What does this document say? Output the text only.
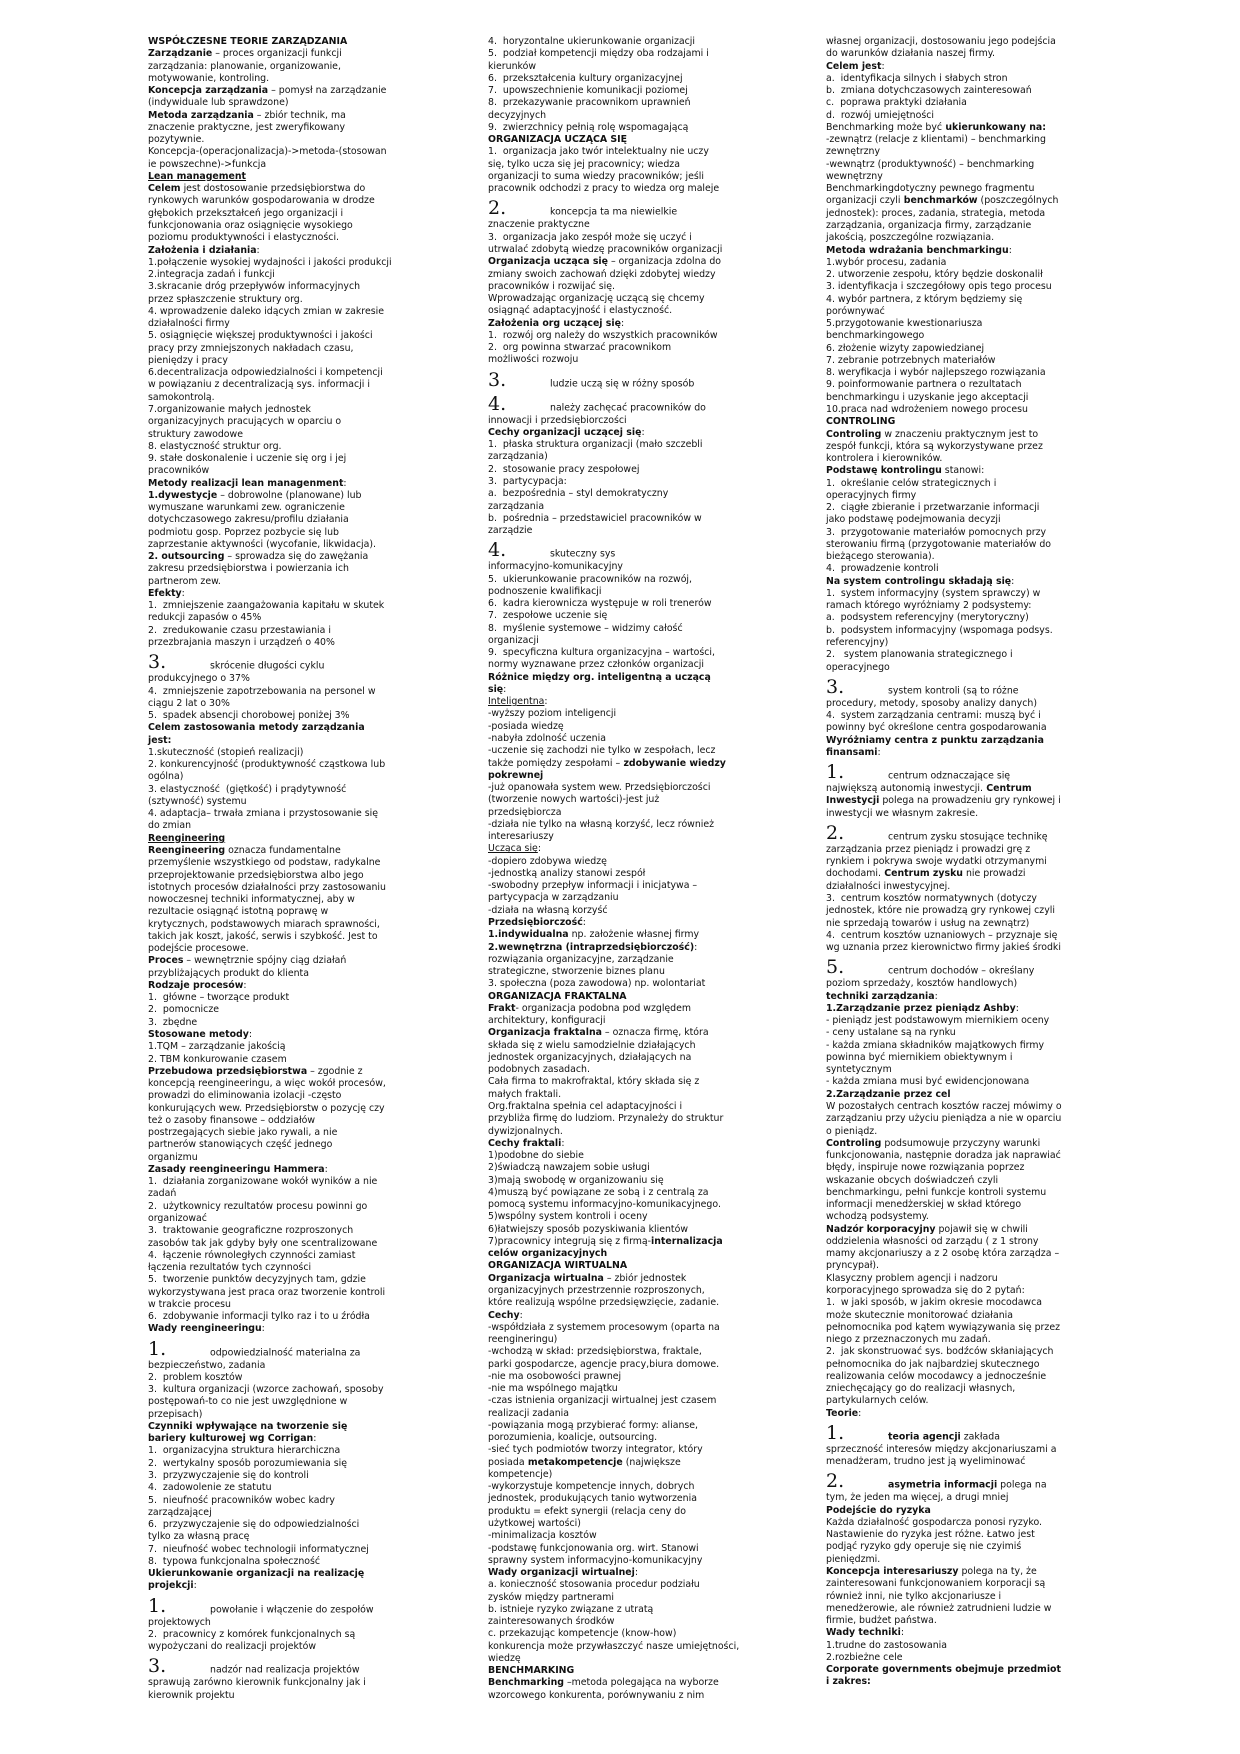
WSPÓŁCZESNE TEORIE ZARZĄDZANIA
Zarządzanie – proces organizacji funkcji
zarządzania: planowanie, organizowanie,
motywowanie, kontroling.
Koncepcja zarządzania – pomysł na zarządzanie
(indywiduale lub sprawdzone)
Metoda zarządzania – zbiór technik, ma
znaczenie praktyczne, jest zweryfikowany
pozytywnie.
Koncepcja-(operacjonalizacja)->metoda-(stosowan
ie powszechne)->funkcja
Lean management
Celem jest dostosowanie przedsiębiorstwa do
rynkowych warunków gospodarowania w drodze
głębokich przekształceń jego organizacji i
funkcjonowania oraz osiągnięcie wysokiego
poziomu produktywności i elastyczności.
Założenia i działania:
1.połączenie wysokiej wydajności i jakości produkcji
2.integracja zadań i funkcji
3.skracanie dróg przepływów informacyjnych
przez spłaszczenie struktury org.
4. wprowadzenie daleko idących zmian w zakresie
działalności firmy
5. osiągnięcie większej produktywności i jakości
pracy przy zmniejszonych nakładach czasu,
pieniędzy i pracy
6.decentralizacja odpowiedzialności i kompetencji
w powiązaniu z decentralizacją sys. informacji i
samokontrolą.
7.organizowanie małych jednostek
organizacyjnych pracujących w oparciu o
struktury zawodowe
8. elastyczność struktur org.
9. stałe doskonalenie i uczenie się org i jej
pracowników
Metody realizacji lean managenment:
1.dywestycje – dobrowolne (planowane) lub
wymuszane warunkami zew. ograniczenie
dotychczasowego zakresu/profilu działania
podmiotu gosp. Poprzez pozbycie się lub
zaprzestanie aktywności (wycofanie, likwidacja).
2. outsourcing – sprowadza się do zawężania
zakresu przedsiębiorstwa i powierzania ich
partnerom zew.
Efekty:
1.  zmniejszenie zaangażowania kapitału w skutek
redukcji zapasów o 45%
2.  zredukowanie czasu przestawiania i
przezbrajania maszyn i urządzeń o 40%
3.	skrócenie długości cyklu
produkcyjnego o 37%
4.  zmniejszenie zapotrzebowania na personel w
ciągu 2 lat o 30%
5.  spadek absencji chorobowej poniżej 3%
Celem zastosowania metody zarządzania
jest:
1.skuteczność (stopień realizacji)
2. konkurencyjność (produktywność cząstkowa lub
ogólna)
3. elastyczność  (giętkość) i prądytywność
(sztywność) systemu
4. adaptacja– trwała zmiana i przystosowanie się
do zmian
Reengineering
Reengineering oznacza fundamentalne
przemyślenie wszystkiego od podstaw, radykalne
przeprojektowanie przedsiębiorstwa albo jego
istotnych procesów działalności przy zastosowaniu
nowoczesnej techniki informatycznej, aby w
rezultacie osiągnąć istotną poprawę w
krytycznych, podstawowych miarach sprawności,
takich jak koszt, jakość, serwis i szybkość. Jest to
podejście procesowe.
Proces – wewnętrznie spójny ciąg działań
przybliżających produkt do klienta
Rodzaje procesów:
1.  główne – tworzące produkt
2.  pomocnicze
3.  zbędne
Stosowane metody:
1.TQM – zarządzanie jakością
2. TBM konkurowanie czasem
Przebudowa przedsiębiorstwa – zgodnie z
koncepcją reengineeringu, a więc wokół procesów,
prowadzi do eliminowania izolacji -często
konkurujących wew. Przedsiębiorstw o pozycję czy
też o zasoby finansowe – oddziałów
postrzegających siebie jako rywali, a nie
partnerów stanowiących część jednego
organizmu
Zasady reengineeringu Hammera:
1.  działania zorganizowane wokół wyników a nie
zadań
2.  użytkownicy rezultatów procesu powinni go
organizować
3.  traktowanie geograficzne rozproszonych
zasobów tak jak gdyby były one scentralizowane
4.  łączenie równoległych czynności zamiast
łączenia rezultatów tych czynności
5.  tworzenie punktów decyzyjnych tam, gdzie
wykorzystywana jest praca oraz tworzenie kontroli
w trakcie procesu
6.  zdobywanie informacji tylko raz i to u źródła
Wady reengineeringu:
1.	odpowiedzialność materialna za
bezpieczeństwo, zadania
2.  problem kosztów
3.  kultura organizacji (wzorce zachowań, sposoby
postępowań-to co nie jest uwzględnione w
przepisach)
Czynniki wpływające na tworzenie się
bariery kulturowej wg Corrigan:
1.  organizacyjna struktura hierarchiczna
2.  wertykalny sposób porozumiewania się
3.  przyzwyczajenie się do kontroli
4.  zadowolenie ze statutu
5.  nieufność pracowników wobec kadry
zarządzającej
6.  przyzwyczajenie się do odpowiedzialności
tylko za własną pracę
7.  nieufność wobec technologii informatycznej
8.  typowa funkcjonalna społeczność
Ukierunkowanie organizacji na realizację
projekcji:
1.	powołanie i włączenie do zespołów
projektowych
2.  pracownicy z komórek funkcjonalnych są
wypożyczani do realizacji projektów
3.	nadzór nad realizacja projektów
sprawują zarówno kierownik funkcjonalny jak i
kierownik projektu
4.  horyzontalne ukierunkowanie organizacji
5.  podział kompetencji między oba rodzajami i
kierunków
6.  przekształcenia kultury organizacyjnej
7.  upowszechnienie komunikacji poziomej
8.  przekazywanie pracownikom uprawnień
decyzyjnych
9.  zwierzchnicy pełnią rolę wspomagającą
ORGANIZACJA UCZĄCA SIĘ
1.  organizacja jako twór intelektualny nie uczy
się, tylko ucza się jej pracownicy; wiedza
organizacji to suma wiedzy pracowników; jeśli
pracownik odchodzi z pracy to wiedza org maleje
2.	koncepcja ta ma niewielkie
znaczenie praktyczne
3.  organizacja jako zespół może się uczyć i
utrwalać zdobytą wiedzę pracowników organizacji
Organizacja ucząca się – organizacja zdolna do
zmiany swoich zachowań dzięki zdobytej wiedzy
pracowników i rozwijać się.
Wprowadzając organizację uczącą się chcemy
osiągnąć adaptacyjność i elastyczność.
Założenia org uczącej się:
1.  rozwój org należy do wszystkich pracowników
2.  org powinna stwarzać pracownikom
możliwości rozwoju
3.	ludzie uczą się w różny sposób
4.	należy zachęcać pracowników do
innowacji i przedsiębiorczości
Cechy organizacji uczącej się:
1.  płaska struktura organizacji (mało szczebli
zarządzania)
2.  stosowanie pracy zespołowej
3.  partycypacja:
a.  bezpośrednia – styl demokratyczny
zarządzania
b.  pośrednia – przedstawiciel pracowników w
zarządzie
4.	skuteczny sys
informacyjno-komunikacyjny
5.  ukierunkowanie pracowników na rozwój,
podnoszenie kwalifikacji
6.  kadra kierownicza występuje w roli trenerów
7.  zespołowe uczenie się
8.  myślenie systemowe – widzimy całość
organizacji
9.  specyficzna kultura organizacyjna – wartości,
normy wyznawane przez członków organizacji
Różnice między org. inteligentną a uczącą
się:
Inteligentna:
-wyższy poziom inteligencji
-posiada wiedzę
-nabyła zdolność uczenia
-uczenie się zachodzi nie tylko w zespołach, lecz
także pomiędzy zespołami – zdobywanie wiedzy
pokrewnej
-już opanowała system wew. Przedsiębiorczości
(tworzenie nowych wartości)-jest już
przedsiębiorcza
-działa nie tylko na własną korzyść, lecz również
interesariuszy
Ucząca się:
-dopiero zdobywa wiedzę
-jednostką analizy stanowi zespół
-swobodny przepływ informacji i inicjatywa –
partycypacja w zarządzaniu
-działa na własną korzyść
Przedsiębiorczość:
1.indywidualna np. założenie własnej firmy
2.wewnętrzna (intraprzedsiębiorczość):
rozwiązania organizacyjne, zarządzanie
strategiczne, stworzenie biznes planu
3. społeczna (poza zawodowa) np. wolontariat
ORGANIZACJA FRAKTALNA
Frakt- organizacja podobna pod względem
architektury, konfiguracji
Organizacja fraktalna – oznacza firmę, która
składa się z wielu samodzielnie działających
jednostek organizacyjnych, działających na
podobnych zasadach.
Cała firma to makrofraktal, który składa się z
małych fraktali.
Org.fraktalna spełnia cel adaptacyjności i
przybliża firmę do ludziom. Przynależy do struktur
dywizjonalnych.
Cechy fraktali:
1)podobne do siebie
2)świadczą nawzajem sobie usługi
3)mają swobodę w organizowaniu się
4)muszą być powiązane ze sobą i z centralą za
pomocą systemu informacyjno-komunikacyjnego.
5)wspólny system kontroli i oceny
6)łatwiejszy sposób pozyskiwania klientów
7)pracownicy integrują się z firmą-internalizacja
celów organizacyjnych
ORGANIZACJA WIRTUALNA
Organizacja wirtualna – zbiór jednostek
organizacyjnych przestrzennie rozproszonych,
które realizują wspólne przedsięwzięcie, zadanie.
Cechy:
-współdziała z systemem procesowym (oparta na
reengineringu)
-wchodzą w skład: przedsiębiorstwa, fraktale,
parki gospodarcze, agencje pracy,biura domowe.
-nie ma osobowości prawnej
-nie ma wspólnego majątku
-czas istnienia organizacji wirtualnej jest czasem
realizacji zadania
-powiązania mogą przybierać formy: alianse,
porozumienia, koalicje, outsourcing.
-sieć tych podmiotów tworzy integrator, który
posiada metakompetencje (największe
kompetencje)
-wykorzystuje kompetencje innych, dobrych
jednostek, produkujących tanio wytworzenia
produktu = efekt synergii (relacja ceny do
użytkowej wartości)
-minimalizacja kosztów
-podstawę funkcjonowania org. wirt. Stanowi
sprawny system informacyjno-komunikacyjny
Wady organizacji wirtualnej:
a. konieczność stosowania procedur podziału
zysków między partnerami
b. istnieje ryzyko związane z utratą
zainteresowanych środków
c. przekazując kompetencje (know-how)
konkurencja może przywłaszczyć nasze umiejętności,
wiedzę
BENCHMARKING
Benchmarking –metoda polegająca na wyborze
wzorcowego konkurenta, porównywaniu z nim
własnej organizacji, dostosowaniu jego podejścia
do warunków działania naszej firmy.
Celem jest:
a.  identyfikacja silnych i słabych stron
b.  zmiana dotychczasowych zainteresowań
c.  poprawa praktyki działania
d.  rozwój umiejętności
Benchmarking może być ukierunkowany na:
-zewnątrz (relacje z klientami) – benchmarking
zewnętrzny
-wewnątrz (produktywność) – benchmarking
wewnętrzny
Benchmarkingdotyczny pewnego fragmentu
organizacji czyli benchmarków (poszczególnych
jednostek): proces, zadania, strategia, metoda
zarządzania, organizacja firmy, zarządzanie
jakością, poszczególne rozwiązania.
Metoda wdrażania benchmarkingu:
1.wybór procesu, zadania
2. utworzenie zespołu, który będzie doskonalił
3. identyfikacja i szczegółowy opis tego procesu
4. wybór partnera, z którym będziemy się
porównywać
5.przygotowanie kwestionariusza
benchmarkingowego
6. złożenie wizyty zapowiedzianej
7. zebranie potrzebnych materiałów
8. weryfikacja i wybór najlepszego rozwiązania
9. poinformowanie partnera o rezultatach
benchmarkingu i uzyskanie jego akceptacji
10.praca nad wdrożeniem nowego procesu
CONTROLING
Controling w znaczeniu praktycznym jest to
zespół funkcji, która są wykorzystywane przez
kontrolera i kierowników.
Podstawę kontrolingu stanowi:
1.  określanie celów strategicznych i
operacyjnych firmy
2.  ciągłe zbieranie i przetwarzanie informacji
jako podstawę podejmowania decyzji
3.  przygotowanie materiałów pomocnych przy
sterowaniu firmą (przygotowanie materiałów do
bieżącego sterowania).
4.  prowadzenie kontroli
Na system controlingu składają się:
1.  system informacyjny (system sprawczy) w
ramach którego wyróżniamy 2 podsystemy:
a.  podsystem referencyjny (merytoryczny)
b.  podsystem informacyjny (wspomaga podsys.
referencyjny)
2.   system planowania strategicznego i
operacyjnego
3.	system kontroli (są to różne
procedury, metody, sposoby analizy danych)
4.  system zarządzania centrami: muszą być i
powinny być określone centra gospodarowania
Wyróżniamy centra z punktu zarządzania
finansami:
1.	centrum odznaczające się
największą autonomią inwestycji. Centrum
Inwestycji polega na prowadzeniu gry rynkowej i
inwestycji we własnym zakresie.
2.	centrum zysku stosujące technikę
zarządzania przez pieniądz i prowadzi grę z
rynkiem i pokrywa swoje wydatki otrzymanymi
dochodami. Centrum zysku nie prowadzi
działalności inwestycyjnej.
3.  centrum kosztów normatywnych (dotyczy
jednostek, które nie prowadzą gry rynkowej czyli
nie sprzedają towarów i usług na zewnątrz)
4.  centrum kosztów uznaniowych – przyznaje się
wg uznania przez kierownictwo firmy jakieś środki
5.	centrum dochodów – określany
poziom sprzedaży, kosztów handlowych)
techniki zarządzania:
1.Zarządzanie przez pieniądz Ashby:
- pieniądz jest podstawowym miernikiem oceny
- ceny ustalane są na rynku
- każda zmiana składników majątkowych firmy
powinna być miernikiem obiektywnym i
syntetycznym
- każda zmiana musi być ewidencjonowana
2.Zarządzanie przez cel
W pozostałych centrach kosztów raczej mówimy o
zarządzaniu przy użyciu pieniądza a nie w oparciu
o pieniądz.
Controling podsumowuje przyczyny warunki
funkcjonowania, następnie doradza jak naprawiać
błędy, inspiruje nowe rozwiązania poprzez
wskazanie obcych doświadczeń czyli
benchmarkingu, pełni funkcje kontroli systemu
informacji menedżerskiej w skład którego
wchodzą podsystemy.
Nadzór korporacyjny pojawił się w chwili
oddzielenia własności od zarządu ( z 1 strony
mamy akcjonariuszy a z 2 osobę która zarządza –
pryncypał).
Klasyczny problem agencji i nadzoru
korporacyjnego sprowadza się do 2 pytań:
1.  w jaki sposób, w jakim okresie mocodawca
może skutecznie monitorować działania
pełnomocnika pod kątem wywiązywania się przez
niego z przeznaczonych mu zadań.
2.  jak skonstruować sys. bodźców skłaniających
pełnomocnika do jak najbardziej skutecznego
realizowania celów mocodawcy a jednocześnie
zniechęcający go do realizacji własnych,
partykularnych celów.
Teorie:
1.	teoria agencji zakłada
sprzeczność interesów między akcjonariuszami a
menadżeram, trudno jest ją wyeliminować
2.	asymetria informacji polega na
tym, że jeden ma więcej, a drugi mniej
Podejście do ryzyka
Każda działalność gospodarcza ponosi ryzyko.
Nastawienie do ryzyka jest różne. Łatwo jest
podjąć ryzyko gdy operuje się nie czyimiś
pieniędzmi.
Koncepcja interesariuszy polega na ty, że
zainteresowani funkcjonowaniem korporacji są
również inni, nie tylko akcjonariusze i
menedżerowie, ale również zatrudnieni ludzie w
firmie, budżet państwa.
Wady techniki:
1.trudne do zastosowania
2.rozbieżne cele
Corporate governments obejmuje przedmiot
i zakres:
